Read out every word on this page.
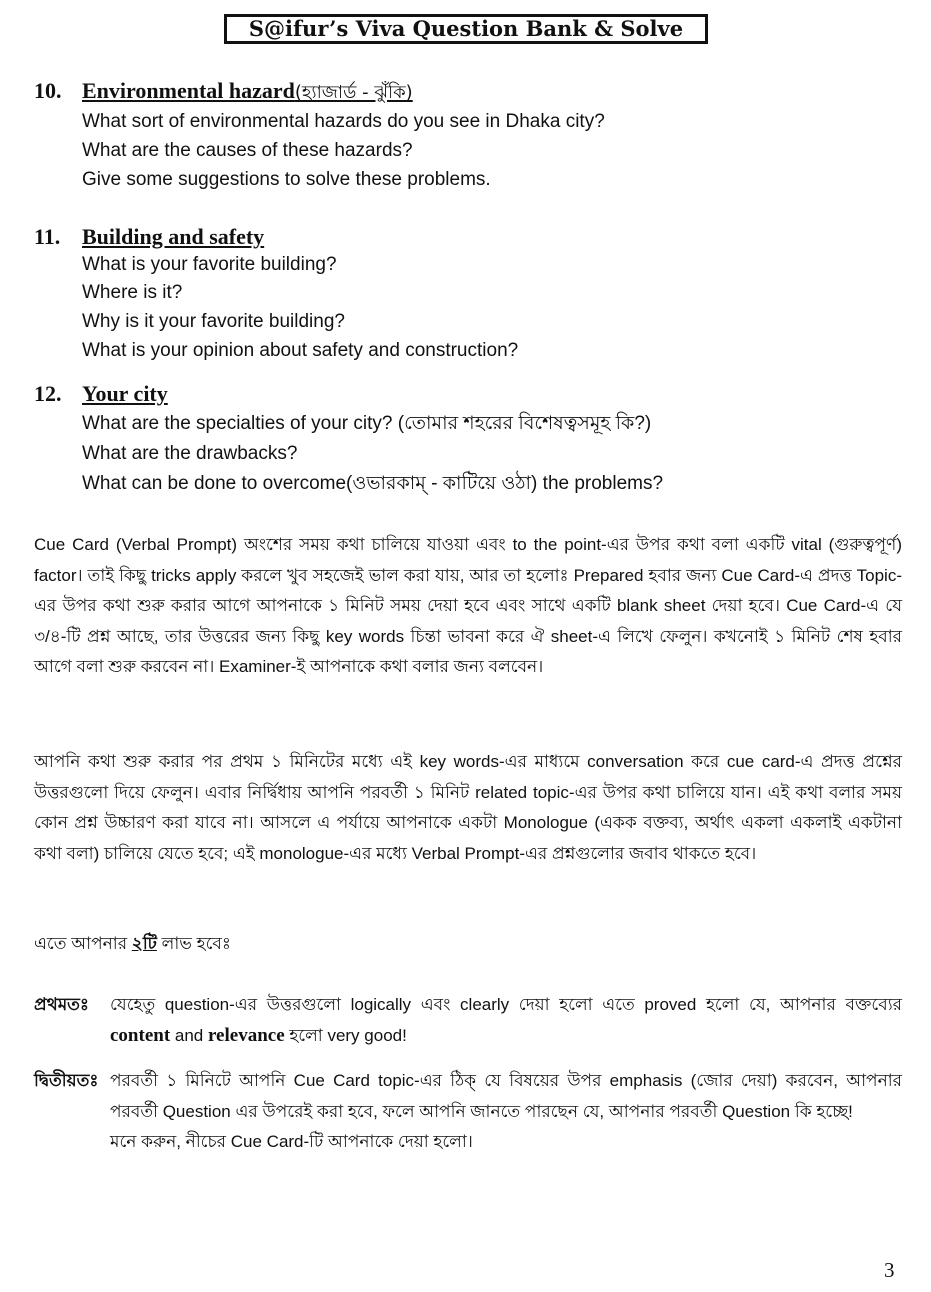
S@ifur’s Viva Question Bank & Solve
10. Environmental hazard(হ্যাজার্ড - ঝুঁকি)
What sort of environmental hazards do you see in Dhaka city?
What are the causes of these hazards?
Give some suggestions to solve these problems.
11. Building and safety
What is your favorite building?
Where is it?
Why is it your favorite building?
What is your opinion about safety and construction?
12. Your city
What are the specialties of your city? (তোমার শহরের বিশেষত্বসমূহ কি?)
What are the drawbacks?
What can be done to overcome(ওভারকাম্ - কাটিয়ে ওঠা) the problems?

Cue Card (Verbal Prompt) অংশের সময় কথা চালিয়ে যাওয়া এবং to the point-এর উপর কথা বলা একটি vital (গুরুত্বপূর্ণ) factor। তাই কিছু tricks apply করলে খুব সহজেই ভাল করা যায়, আর তা হলোঃ Prepared হবার জন্য Cue Card-এ প্রদত্ত Topic-এর উপর কথা শুরু করার আগে আপনাকে ১ মিনিট সময় দেয়া হবে এবং সাথে একটি blank sheet দেয়া হবে। Cue Card-এ যে ৩/৪-টি প্রশ্ন আছে, তার উত্তরের জন্য কিছু key words চিন্তা ভাবনা করে ঐ sheet-এ লিখে ফেলুন। কখনোই ১ মিনিট শেষ হবার আগে বলা শুরু করবেন না। Examiner-ই আপনাকে কথা বলার জন্য বলবেন।

আপনি কথা শুরু করার পর প্রথম ১ মিনিটের মধ্যে এই key words-এর মাধ্যমে conversation করে cue card-এ প্রদত্ত প্রশ্নের উত্তরগুলো দিয়ে ফেলুন। এবার নির্দ্বিধায় আপনি পরবর্তী ১ মিনিট related topic-এর উপর কথা চালিয়ে যান। এই কথা বলার সময় কোন প্রশ্ন উচ্চারণ করা যাবে না। আসলে এ পর্যায়ে আপনাকে একটা Monologue (একক বক্তব্য, অর্থাৎ একলা একলাই একটানা কথা বলা) চালিয়ে যেতে হবে; এই monologue-এর মধ্যে Verbal Prompt-এর প্রশ্নগুলোর জবাব থাকতে হবে।

এতে আপনার ২টি লাভ হবেঃ
প্রথমতঃ যেহেতু question-এর উত্তরগুলো logically এবং clearly দেয়া হলো এতে proved হলো যে, আপনার বক্তব্যের content and relevance হলো very good!
দ্বিতীয়তঃ পরবর্তী ১ মিনিটে আপনি Cue Card topic-এর ঠিক্ যে বিষয়ের উপর emphasis (জোর দেয়া) করবেন, আপনার পরবর্তী Question এর উপরেই করা হবে, ফলে আপনি জানতে পারছেন যে, আপনার পরবর্তী Question কি হচ্ছে!
মনে করুন, নীচের Cue Card-টি আপনাকে দেয়া হলো।
3
